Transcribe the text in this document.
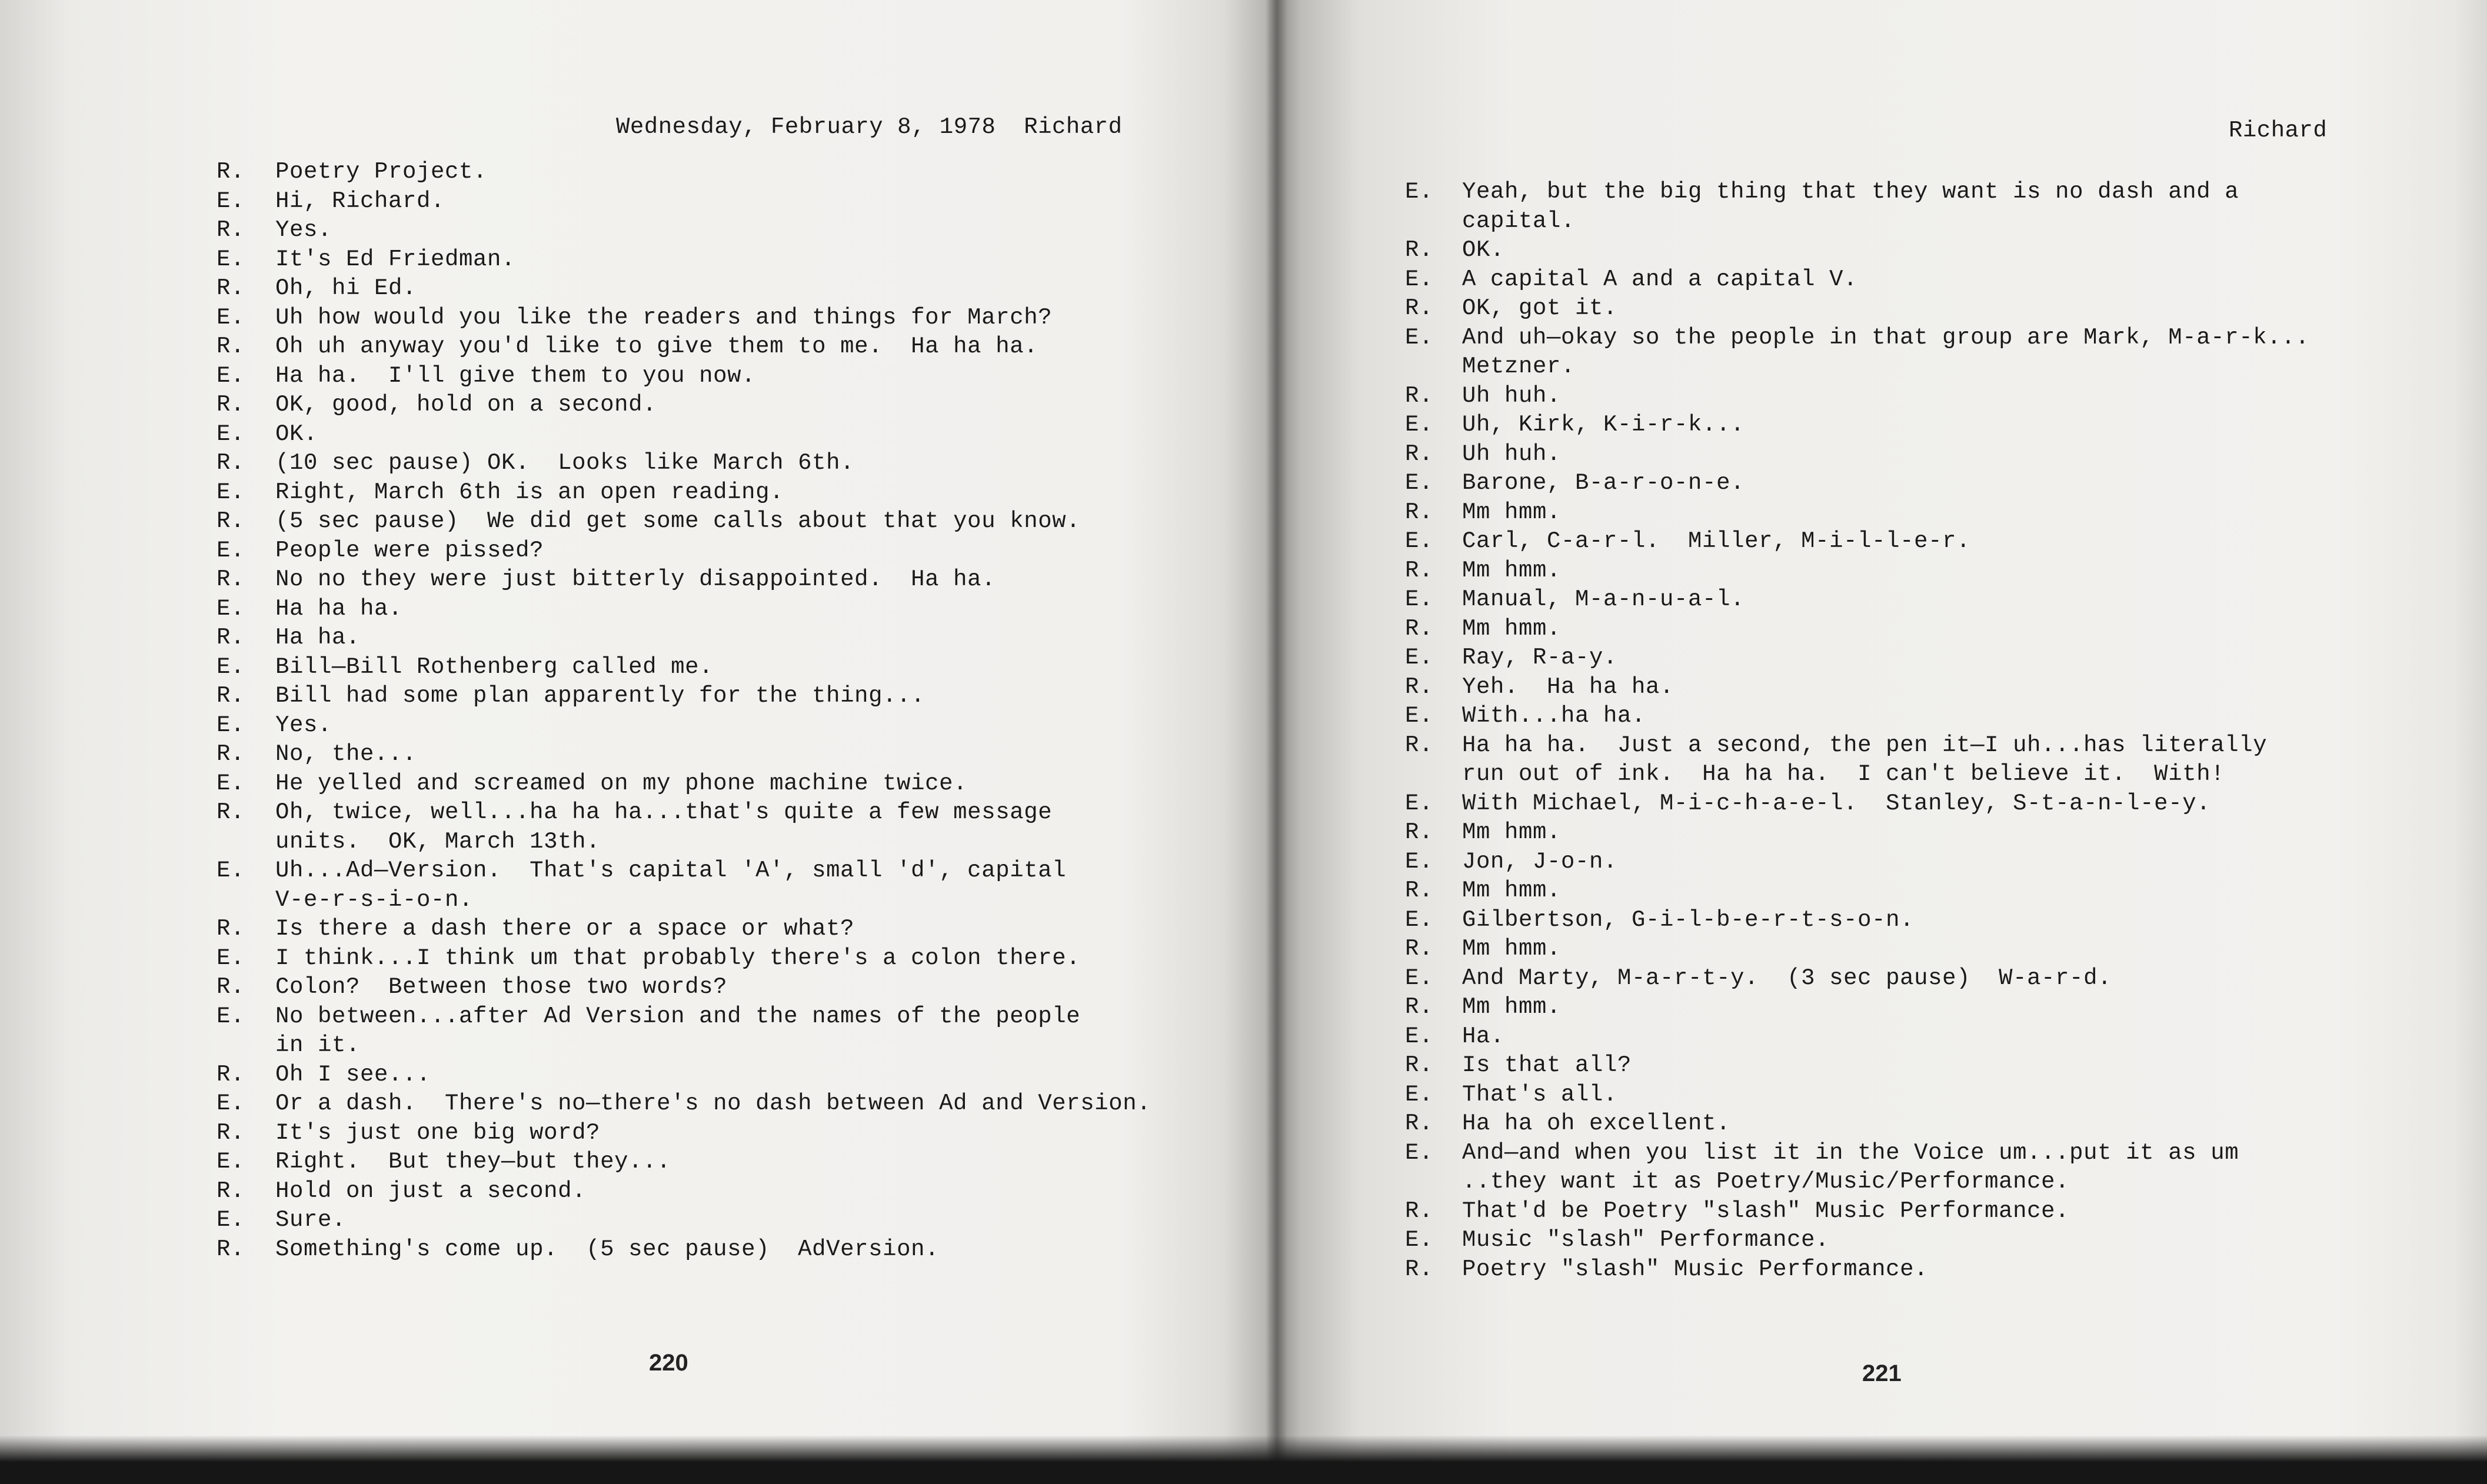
Wednesday, February 8, 1978  Richard
R. Poetry Project.
E. Hi, Richard.
R. Yes.
E. It's Ed Friedman.
R. Oh, hi Ed.
E. Uh how would you like the readers and things for March?
R. Oh uh anyway you'd like to give them to me.  Ha ha ha.
E. Ha ha.  I'll give them to you now.
R. OK, good, hold on a second.
E. OK.
R. (10 sec pause) OK.  Looks like March 6th.
E. Right, March 6th is an open reading.
R. (5 sec pause)  We did get some calls about that you know.
E. People were pissed?
R. No no they were just bitterly disappointed.  Ha ha.
E. Ha ha ha.
R. Ha ha.
E. Bill—Bill Rothenberg called me.
R. Bill had some plan apparently for the thing...
E. Yes.
R. No, the...
E. He yelled and screamed on my phone machine twice.
R. Oh, twice, well...ha ha ha...that's quite a few message
units.  OK, March 13th.
E. Uh...Ad—Version.  That's capital 'A', small 'd', capital
V-e-r-s-i-o-n.
R. Is there a dash there or a space or what?
E. I think...I think um that probably there's a colon there.
R. Colon?  Between those two words?
E. No between...after Ad Version and the names of the people
in it.
R. Oh I see...
E. Or a dash.  There's no—there's no dash between Ad and Version.
R. It's just one big word?
E. Right.  But they—but they...
R. Hold on just a second.
E. Sure.
R. Something's come up.  (5 sec pause)  AdVersion.
220
Richard
E. Yeah, but the big thing that they want is no dash and a
capital.
R. OK.
E. A capital A and a capital V.
R. OK, got it.
E. And uh—okay so the people in that group are Mark, M-a-r-k...
Metzner.
R. Uh huh.
E. Uh, Kirk, K-i-r-k...
R. Uh huh.
E. Barone, B-a-r-o-n-e.
R. Mm hmm.
E. Carl, C-a-r-l.  Miller, M-i-l-l-e-r.
R. Mm hmm.
E. Manual, M-a-n-u-a-l.
R. Mm hmm.
E. Ray, R-a-y.
R. Yeh.  Ha ha ha.
E. With...ha ha.
R. Ha ha ha.  Just a second, the pen it—I uh...has literally
run out of ink.  Ha ha ha.  I can't believe it.  With!
E. With Michael, M-i-c-h-a-e-l.  Stanley, S-t-a-n-l-e-y.
R. Mm hmm.
E. Jon, J-o-n.
R. Mm hmm.
E. Gilbertson, G-i-l-b-e-r-t-s-o-n.
R. Mm hmm.
E. And Marty, M-a-r-t-y.  (3 sec pause)  W-a-r-d.
R. Mm hmm.
E. Ha.
R. Is that all?
E. That's all.
R. Ha ha oh excellent.
E. And—and when you list it in the Voice um...put it as um
..they want it as Poetry/Music/Performance.
R. That'd be Poetry "slash" Music Performance.
E. Music "slash" Performance.
R. Poetry "slash" Music Performance.
221
